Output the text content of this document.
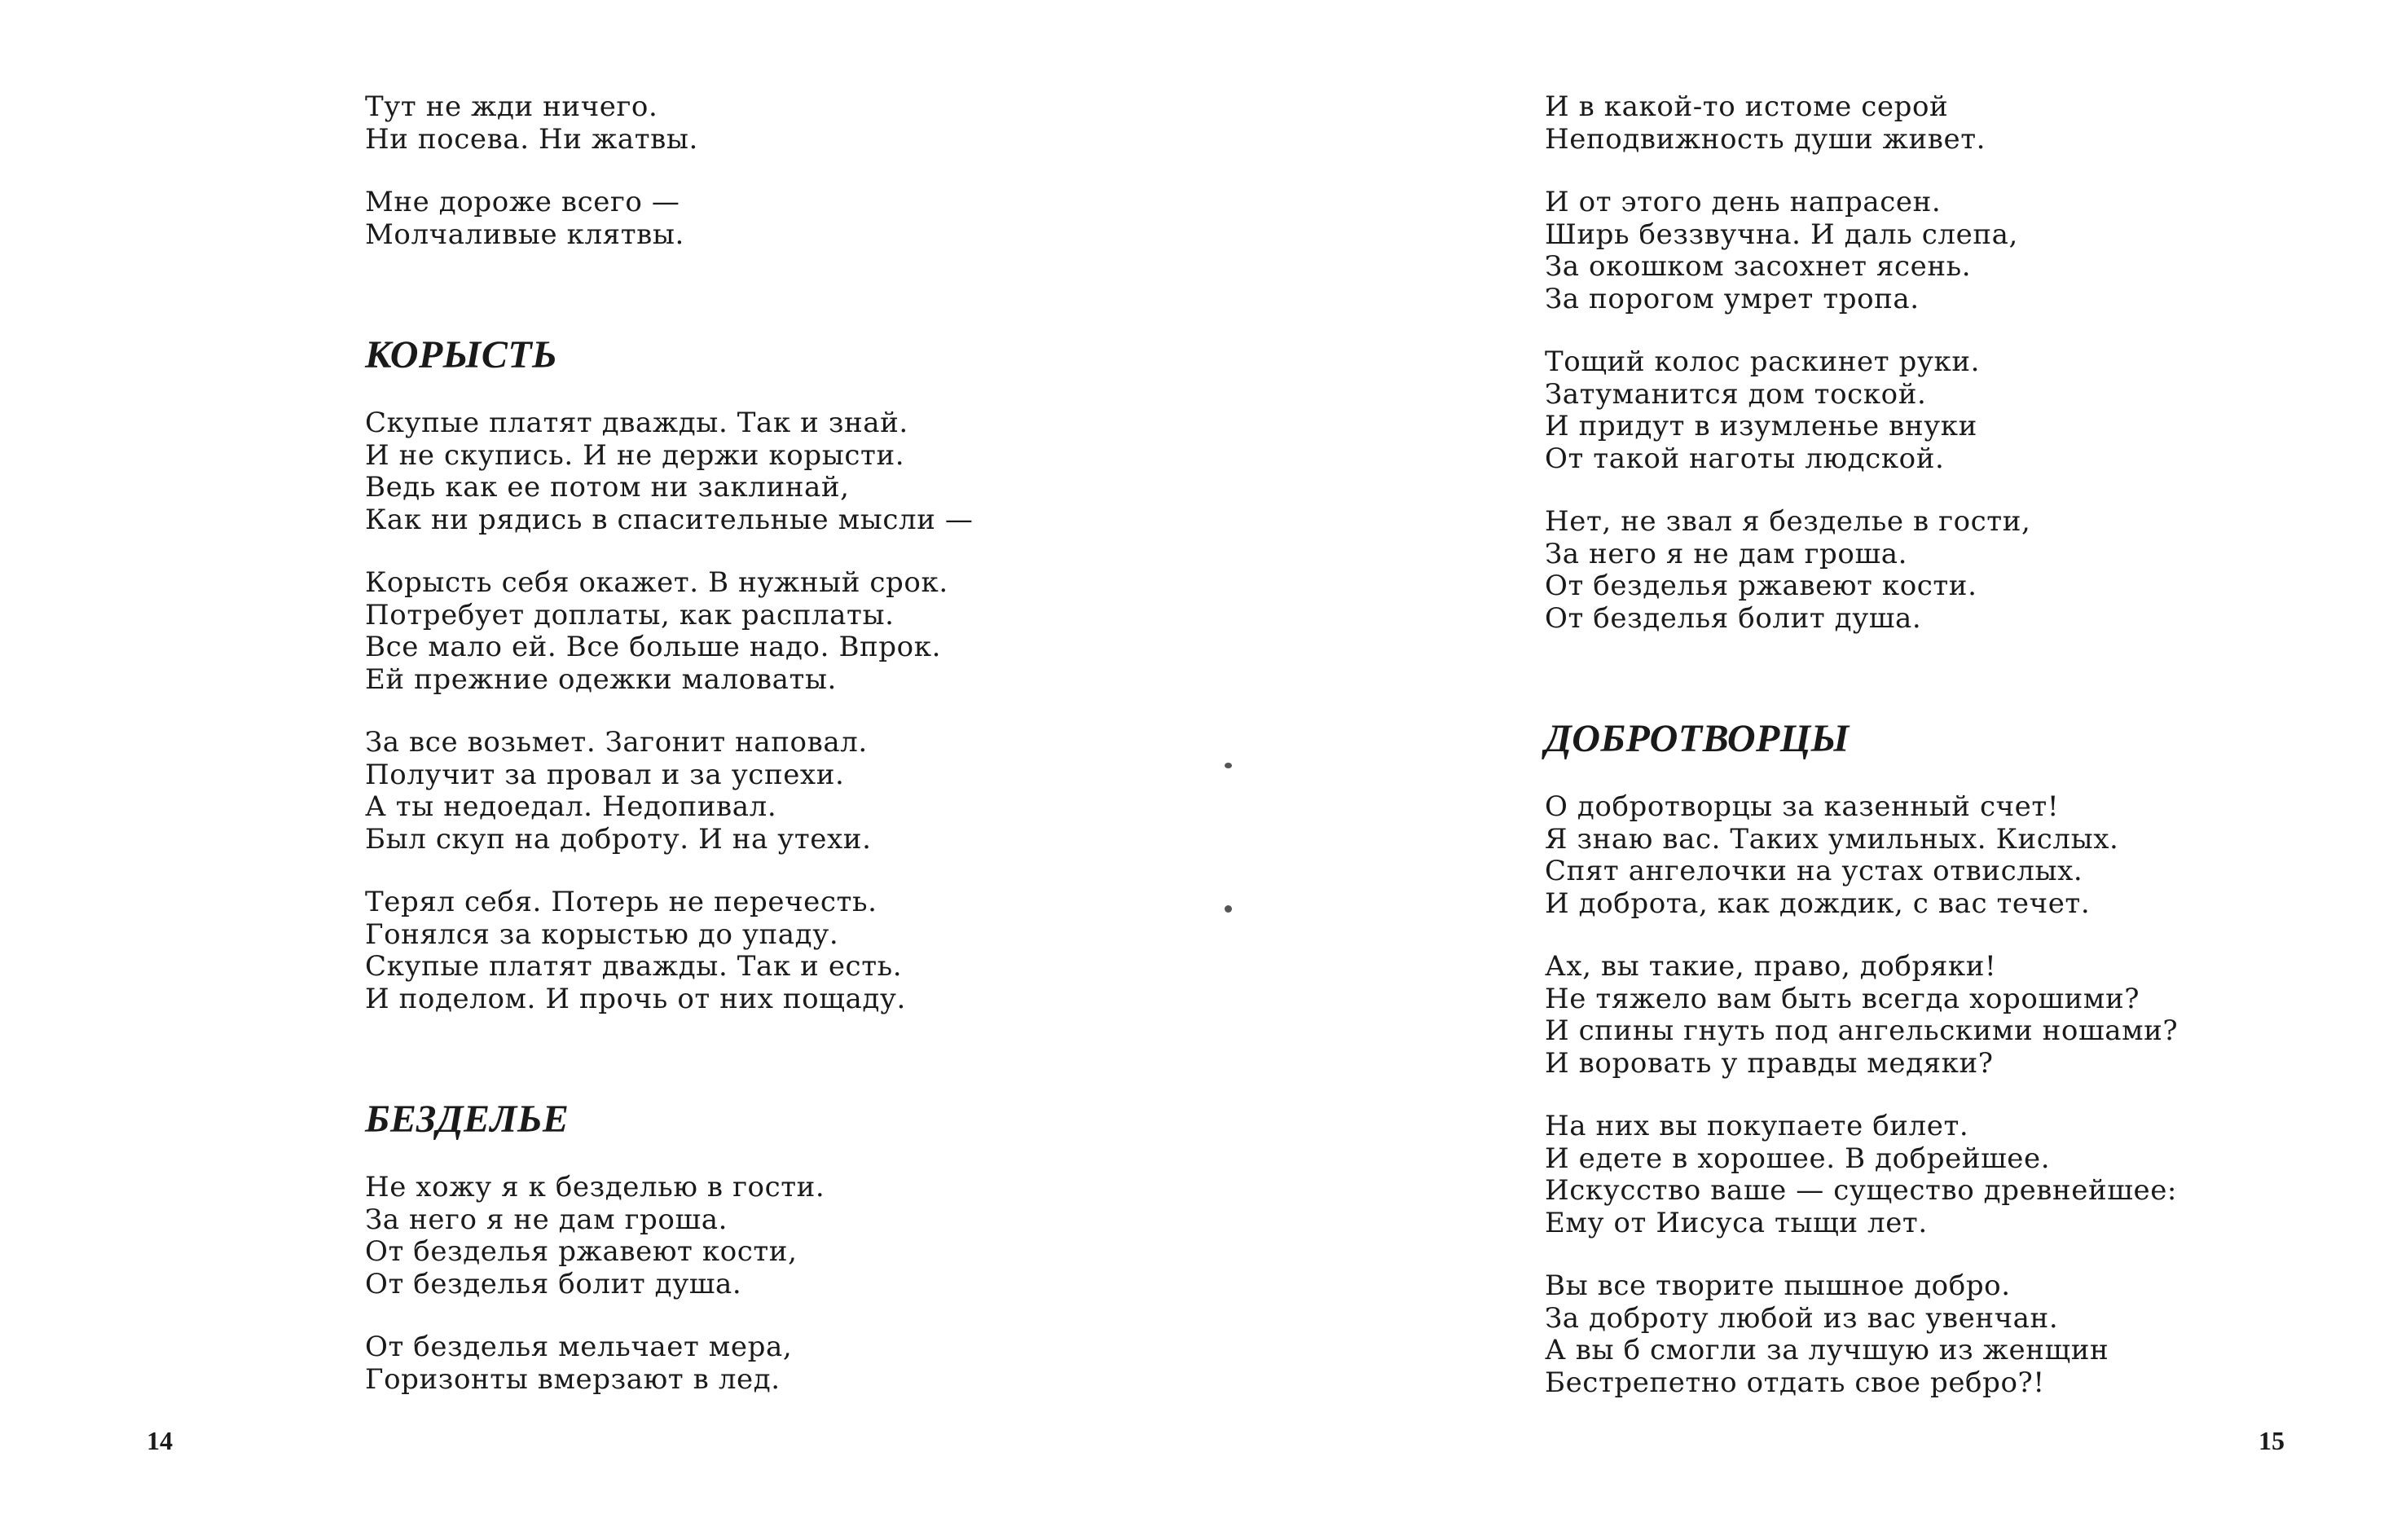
Тут не жди ничего.
Ни посева. Ни жатвы.
Мне дороже всего —
Молчаливые клятвы.
КОРЫСТЬ
Скупые платят дважды. Так и знай.
И не скупись. И не держи корысти.
Ведь как ее потом ни заклинай,
Как ни рядись в спасительные мысли —
Корысть себя окажет. В нужный срок.
Потребует доплаты, как расплаты.
Все мало ей. Все больше надо. Впрок.
Ей прежние одежки маловаты.
За все возьмет. Загонит наповал.
Получит за провал и за успехи.
А ты недоедал. Недопивал.
Был скуп на доброту. И на утехи.
Терял себя. Потерь не перечесть.
Гонялся за корыстью до упаду.
Скупые платят дважды. Так и есть.
И поделом. И прочь от них пощаду.
БЕЗДЕЛЬЕ
Не хожу я к безделью в гости.
За него я не дам гроша.
От безделья ржавеют кости,
От безделья болит душа.
От безделья мельчает мера,
Горизонты вмерзают в лед.
14
И в какой-то истоме серой
Неподвижность души живет.
И от этого день напрасен.
Ширь беззвучна. И даль слепа,
За окошком засохнет ясень.
За порогом умрет тропа.
Тощий колос раскинет руки.
Затуманится дом тоской.
И придут в изумленье внуки
От такой наготы людской.
Нет, не звал я безделье в гости,
За него я не дам гроша.
От безделья ржавеют кости.
От безделья болит душа.
ДОБРОТВОРЦЫ
О добротворцы за казенный счет!
Я знаю вас. Таких умильных. Кислых.
Спят ангелочки на устах отвислых.
И доброта, как дождик, с вас течет.
Ах, вы такие, право, добряки!
Не тяжело вам быть всегда хорошими?
И спины гнуть под ангельскими ношами?
И воровать у правды медяки?
На них вы покупаете билет.
И едете в хорошее. В добрейшее.
Искусство ваше — существо древнейшее:
Ему от Иисуса тыщи лет.
Вы все творите пышное добро.
За доброту любой из вас увенчан.
А вы б смогли за лучшую из женщин
Бестрепетно отдать свое ребро?!
15
